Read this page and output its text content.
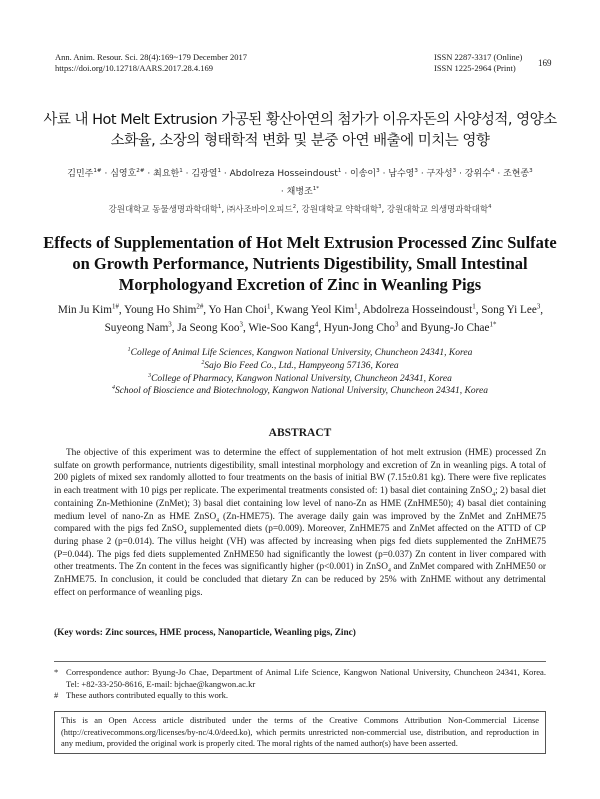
Ann. Anim. Resour. Sci. 28(4):169~179 December 2017
https://doi.org/10.12718/AARS.2017.28.4.169
ISSN 2287-3317 (Online)
ISSN 1225-2964 (Print)	169
사료 내 Hot Melt Extrusion 가공된 황산아연의 첨가가 이유자돈의 사양성적, 영양소
소화율, 소장의 형태학적 변화 및 분중 아연 배출에 미치는 영향
김민주$^{1\#}$ · 심영호$^{2\#}$ · 최요한$^1$ · 김광열$^1$ · Abdolreza Hosseindoust$^1$ · 이송이$^3$ · 남수영$^3$ · 구자성$^3$ · 강위수$^4$ · 조현종$^3$
· 채병조$^{1*}$
강원대학교 동물생명과학대학$^1$, ㈜사조바이오피드$^2$, 강원대학교 약학대학$^3$, 강원대학교 의생명과학대학$^4$
Effects of Supplementation of Hot Melt Extrusion Processed Zinc Sulfate on Growth Performance, Nutrients Digestibility, Small Intestinal Morphologyand Excretion of Zinc in Weanling Pigs
Min Ju Kim$^{1\#}$, Young Ho Shim$^{2\#}$, Yo Han Choi$^1$, Kwang Yeol Kim$^1$, Abdolreza Hosseindoust$^1$, Song Yi Lee$^3$, Suyeong Nam$^3$, Ja Seong Koo$^3$, Wie-Soo Kang$^4$, Hyun-Jong Cho$^3$ and Byung-Jo Chae$^{1*}$
$^1$College of Animal Life Sciences, Kangwon National University, Chuncheon 24341, Korea
$^2$Sajo Bio Feed Co., Ltd., Hampyeong 57136, Korea
$^3$College of Pharmacy, Kangwon National University, Chuncheon 24341, Korea
$^4$School of Bioscience and Biotechnology, Kangwon National University, Chuncheon 24341, Korea
ABSTRACT

The objective of this experiment was to determine the effect of supplementation of hot melt extrusion (HME) processed Zn sulfate on growth performance, nutrients digestibility, small intestinal morphology and excretion of Zn in weanling pigs. A total of 200 piglets of mixed sex randomly allotted to four treatments on the basis of initial BW (7.15±0.81 kg). There were five replicates in each treatment with 10 pigs per replicate. The experimental treatments consisted of: 1) basal diet containing ZnSO$_4$; 2) basal diet containing Zn-Methionine (ZnMet); 3) basal diet containing low level of nano-Zn as HME (ZnHME50); 4) basal diet containing medium level of nano-Zn as HME ZnSO$_4$ (Zn-HME75). The average daily gain was improved by the ZnMet and ZnHME75 compared with the pigs fed ZnSO$_4$ supplemented diets (p=0.009). Moreover, ZnHME75 and ZnMet affected on the ATTD of CP during phase 2 (p=0.014). The villus height (VH) was affected by increasing when pigs fed diets supplemented the ZnHME75 (P=0.044). The pigs fed diets supplemented ZnHME50 had significantly the lowest (p=0.037) Zn content in liver compared with other treatments. The Zn content in the feces was significantly higher (p<0.001) in ZnSO$_4$ and ZnMet compared with ZnHME50 or ZnHME75. In conclusion, it could be concluded that dietary Zn can be reduced by 25% with ZnHME without any detrimental effect on performance of weanling pigs.

(Key words: Zinc sources, HME process, Nanoparticle, Weanling pigs, Zinc)
* Correspondence author: Byung-Jo Chae, Department of Animal Life Science, Kangwon National University, Chuncheon 24341, Korea. Tel: +82-33-250-8616, E-mail: bjchae@kangwon.ac.kr
# These authors contributed equally to this work.
This is an Open Access article distributed under the terms of the Creative Commons Attribution Non-Commercial License (http://creativecommons.org/licenses/by-nc/4.0/deed.ko), which permits unrestricted non-commercial use, distribution, and reproduction in any medium, provided the original work is properly cited. The moral rights of the named author(s) have been asserted.
